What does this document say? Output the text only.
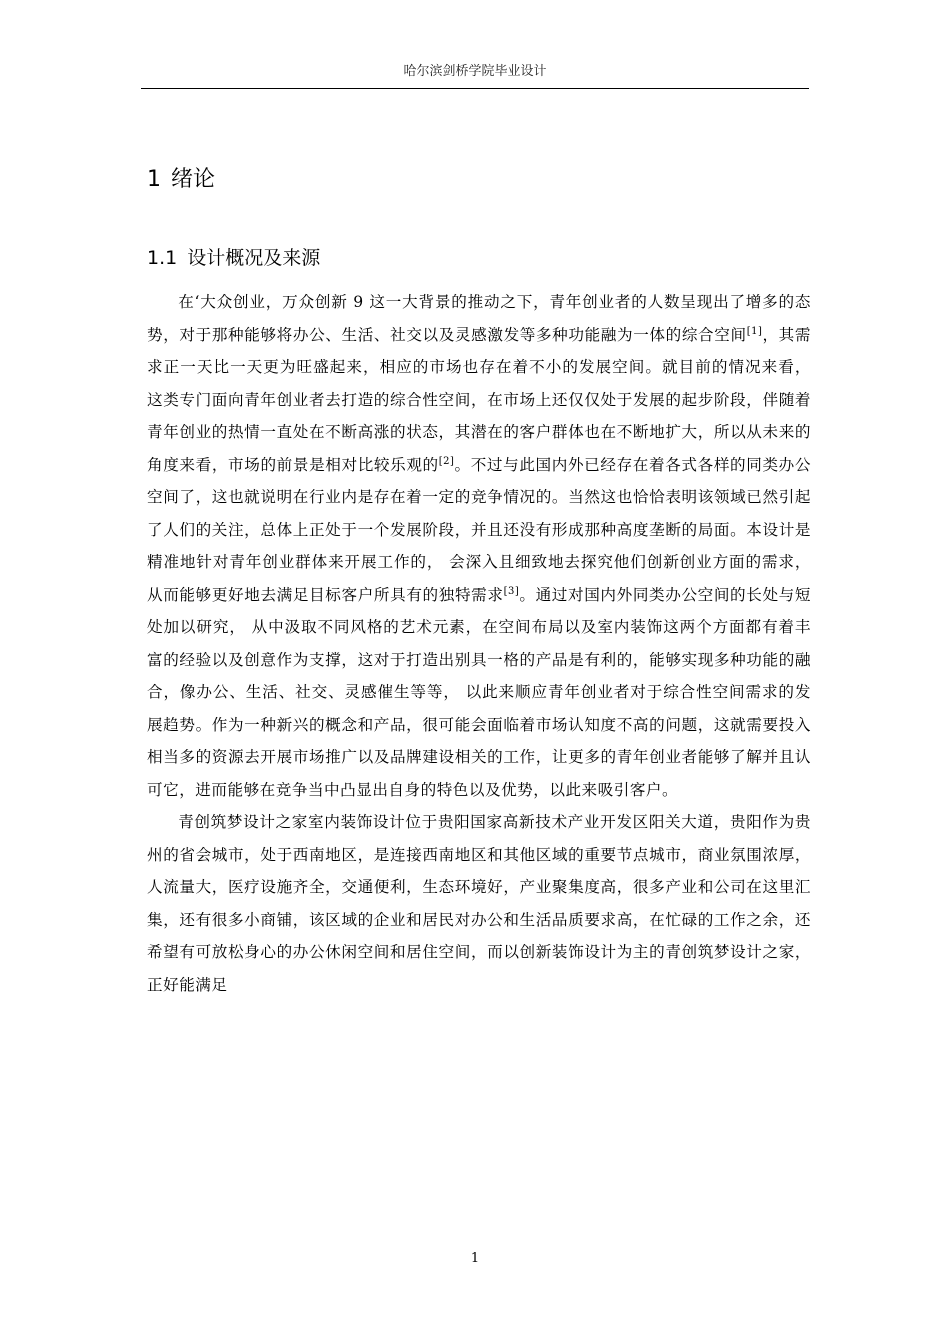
哈尔滨剑桥学院毕业设计
1 绪论
1.1 设计概况及来源

在‘大众创业，万众创新 9 这一大背景的推动之下，青年创业者的人数呈现出了增多的态势，对于那种能够将办公、生活、社交以及灵感激发等多种功能融为一体的综合空间[1]，其需求正一天比一天更为旺盛起来，相应的市场也存在着不小的发展空间。就目前的情况来看， 这类专门面向青年创业者去打造的综合性空间，在市场上还仅仅处于发展的起步阶段，伴随着青年创业的热情一直处在不断高涨的状态，其潜在的客户群体也在不断地扩大，所以从未来的角度来看，市场的前景是相对比较乐观的[2]。不过与此国内外已经存在着各式各样的同类办公空间了，这也就说明在行业内是存在着一定的竞争情况的。当然这也恰恰表明该领域已然引起了人们的关注，总体上正处于一个发展阶段，并且还没有形成那种高度垄断的局面。本设计是精准地针对青年创业群体来开展工作的， 会深入且细致地去探究他们创新创业方面的需求，从而能够更好地去满足目标客户所具有的独特需求[3]。通过对国内外同类办公空间的长处与短处加以研究， 从中汲取不同风格的艺术元素，在空间布局以及室内装饰这两个方面都有着丰富的经验以及创意作为支撑，这对于打造出别具一格的产品是有利的，能够实现多种功能的融合，像办公、生活、社交、灵感催生等等， 以此来顺应青年创业者对于综合性空间需求的发展趋势。作为一种新兴的概念和产品，很可能会面临着市场认知度不高的问题，这就需要投入相当多的资源去开展市场推广以及品牌建设相关的工作，让更多的青年创业者能够了解并且认可它，进而能够在竞争当中凸显出自身的特色以及优势，以此来吸引客户。

青创筑梦设计之家室内装饰设计位于贵阳国家高新技术产业开发区阳关大道，贵阳作为贵州的省会城市，处于西南地区，是连接西南地区和其他区域的重要节点城市，商业氛围浓厚，人流量大，医疗设施齐全，交通便利，生态环境好，产业聚集度高，很多产业和公司在这里汇集，还有很多小商铺，该区域的企业和居民对办公和生活品质要求高，在忙碌的工作之余，还希望有可放松身心的办公休闲空间和居住空间，而以创新装饰设计为主的青创筑梦设计之家，正好能满足

1
